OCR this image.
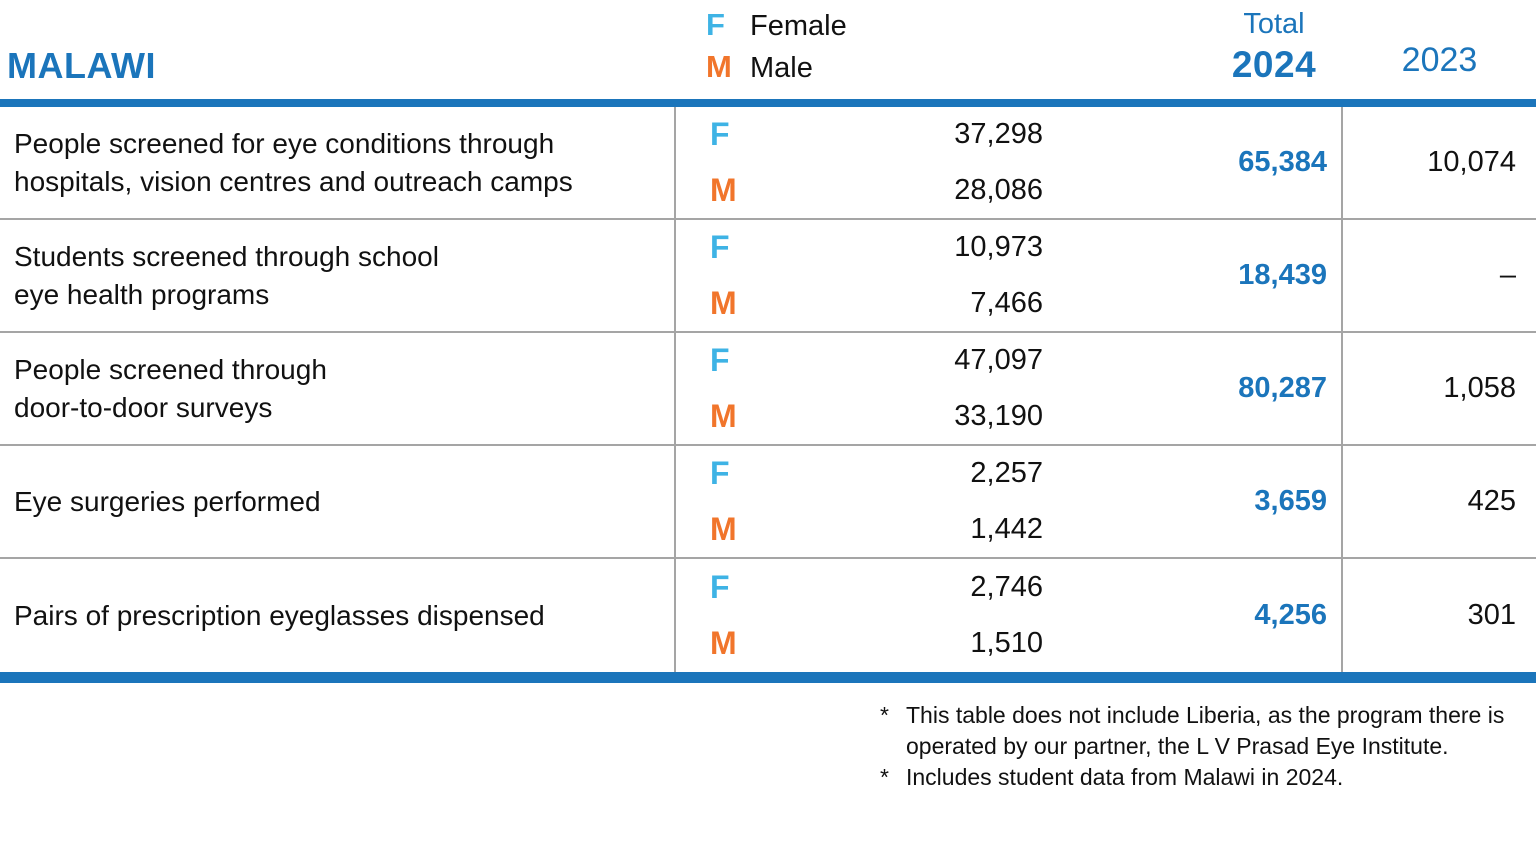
MALAWI
F Female
M Male
Total
2024	2023
People screened for eye conditions through
hospitals, vision centres and outreach camps
F	37,298
M	28,086
65,384	10,074
Students screened through school
eye health programs
F	10,973
M	7,466
18,439	–
People screened through
door-to-door surveys
F	47,097
M	33,190
80,287	1,058
Eye surgeries performed
F	2,257
M	1,442
3,659	425
Pairs of prescription eyeglasses dispensed
F	2,746
M	1,510
4,256	301
* This table does not include Liberia, as the program there is
operated by our partner, the L V Prasad Eye Institute.
* Includes student data from Malawi in 2024.
